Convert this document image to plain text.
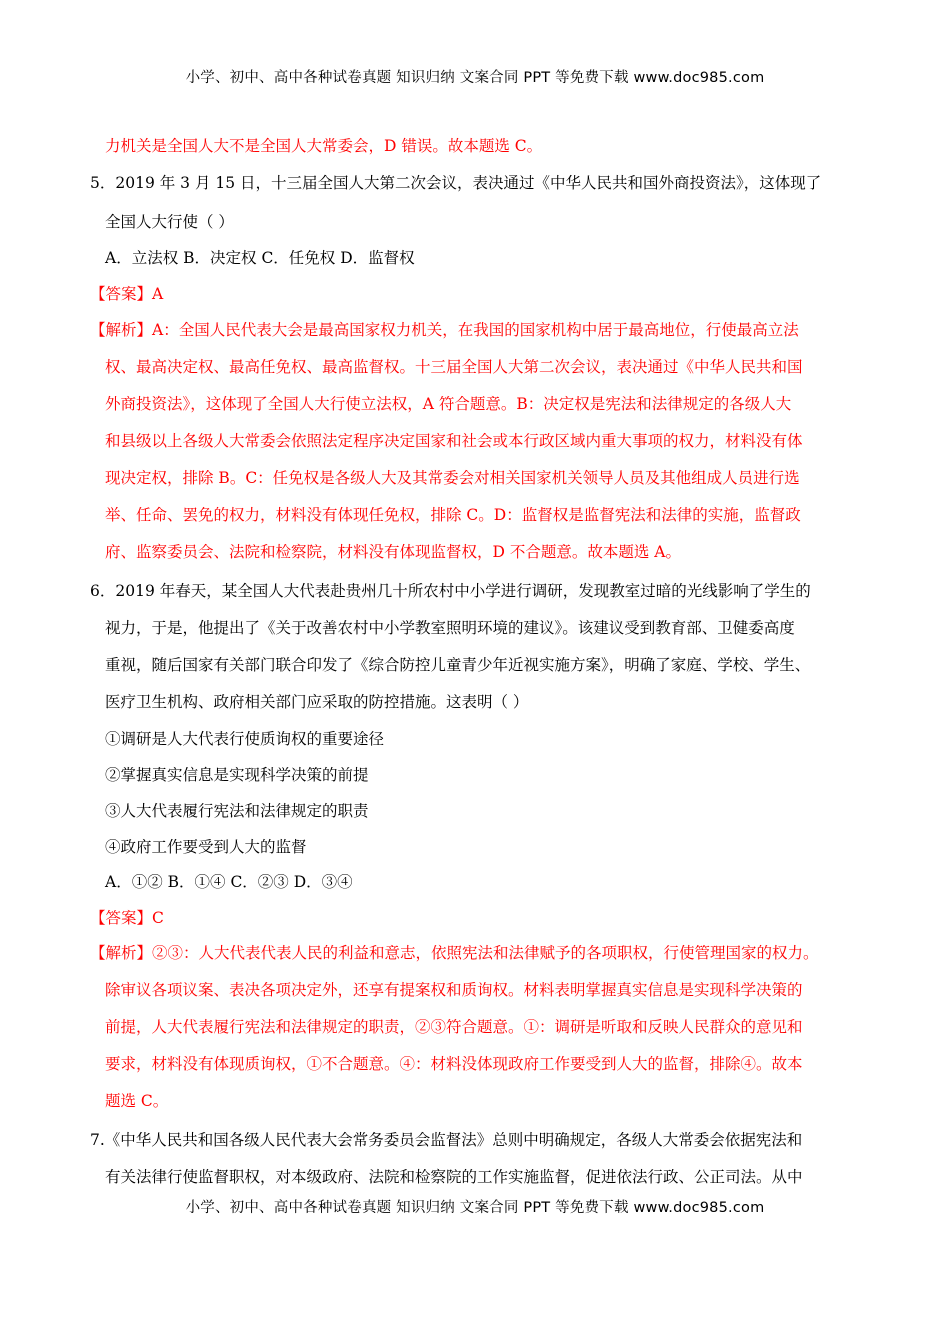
小学、初中、高中各种试卷真题 知识归纳 文案合同 PPT 等免费下载 www.doc985.com
力机关是全国人大不是全国人大常委会，D 错误。故本题选 C。
5．2019 年 3 月 15 日，十三届全国人大第二次会议，表决通过《中华人民共和国外商投资法》，这体现了
全国人大行使（ ）
A．立法权 B．决定权 C．任免权 D．监督权
【答案】A
【解析】A：全国人民代表大会是最高国家权力机关，在我国的国家机构中居于最高地位，行使最高立法
权、最高决定权、最高任免权、最高监督权。十三届全国人大第二次会议，表决通过《中华人民共和国
外商投资法》，这体现了全国人大行使立法权，A 符合题意。B：决定权是宪法和法律规定的各级人大
和县级以上各级人大常委会依照法定程序决定国家和社会或本行政区域内重大事项的权力，材料没有体
现决定权，排除 B。C：任免权是各级人大及其常委会对相关国家机关领导人员及其他组成人员进行选
举、任命、罢免的权力，材料没有体现任免权，排除 C。D：监督权是监督宪法和法律的实施，监督政
府、监察委员会、法院和检察院，材料没有体现监督权，D 不合题意。故本题选 A。
6．2019 年春天，某全国人大代表赴贵州几十所农村中小学进行调研，发现教室过暗的光线影响了学生的
视力，于是，他提出了《关于改善农村中小学教室照明环境的建议》。该建议受到教育部、卫健委高度
重视，随后国家有关部门联合印发了《综合防控儿童青少年近视实施方案》，明确了家庭、学校、学生、
医疗卫生机构、政府相关部门应采取的防控措施。这表明（ ）
①调研是人大代表行使质询权的重要途径
②掌握真实信息是实现科学决策的前提
③人大代表履行宪法和法律规定的职责
④政府工作要受到人大的监督
A．①② B．①④ C．②③ D．③④
【答案】C
【解析】②③：人大代表代表人民的利益和意志，依照宪法和法律赋予的各项职权，行使管理国家的权力。
除审议各项议案、表决各项决定外，还享有提案权和质询权。材料表明掌握真实信息是实现科学决策的
前提，人大代表履行宪法和法律规定的职责，②③符合题意。①：调研是听取和反映人民群众的意见和
要求，材料没有体现质询权，①不合题意。④：材料没体现政府工作要受到人大的监督，排除④。故本
题选 C。
7.《中华人民共和国各级人民代表大会常务委员会监督法》总则中明确规定，各级人大常委会依据宪法和
有关法律行使监督职权，对本级政府、法院和检察院的工作实施监督，促进依法行政、公正司法。从中
小学、初中、高中各种试卷真题 知识归纳 文案合同 PPT 等免费下载 www.doc985.com
